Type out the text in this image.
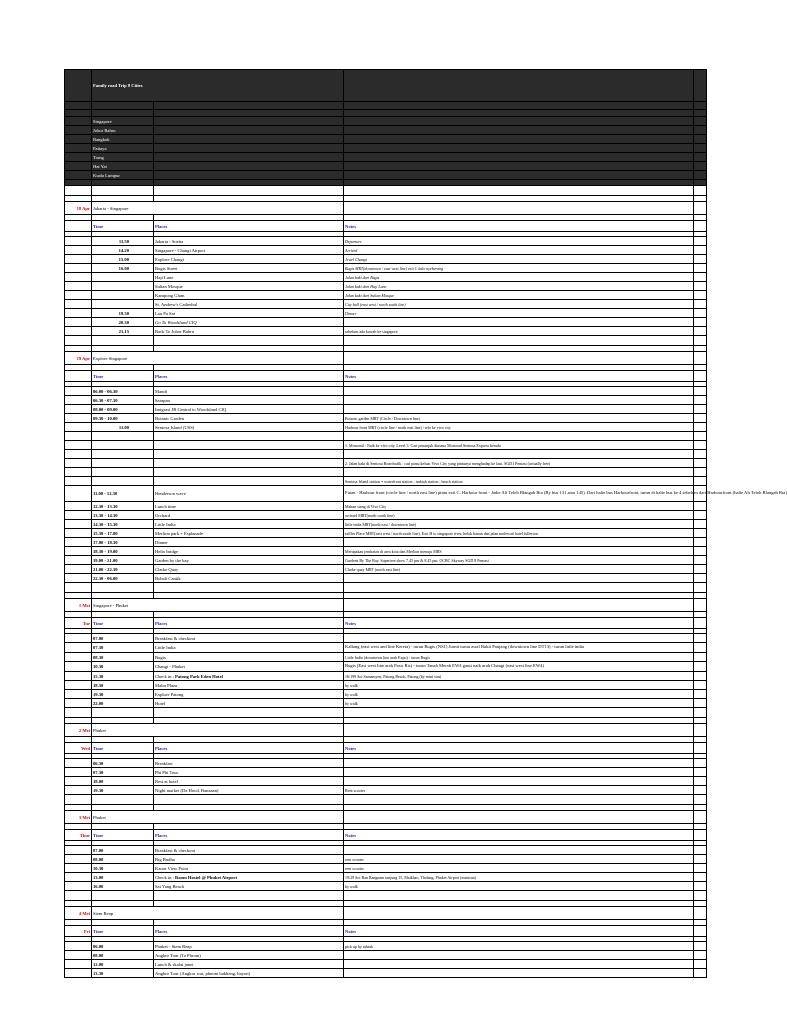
	Family road Trip 8 Cities			

	Singapore			
	Johor Bahru			
	Bangkok			
	Pattaya			
	Trang			
	Hat Yai			
	Kuala Lumpur			

18 Apr	Jakarta - Singapore			

	Time	Places	Notes	

	11.50	Jakarta - Soetta	Departure	
	14.20	Singapore - Changi Airport	Arrived	
	15.00	Explore Changi	Jewel Changi	
	16.00	Bugis Street	Bugis MRT(downtown / east west line) exit C kalo nyeberang	
		Haji Lane	Jalan kaki dari Bugis	
		Sultan Mosque	Jalan kaki dari Haji Lane	
		Kampong Glam	Jalan kaki dari Sultan Mosque	
		St. Andrew's Cathedral	City hall (east west / north south line)	
	19.30	Lau Pa Sat	Dinner	
	20.30	Go To Woodsland CIQ		
	21.15	Back To Johor Bahru	sebelum ada kawah ke singapore	

19 Apr	Explore Singapore			

	Time	Places	Notes	

	06.00 - 06.30	Mandi		
	06.30 - 07.30	Sarapan		
	08.00 - 09.00	Imigrasi JB Central to Woodsland CIQ		
	09.30 - 10.00	Botanic Garden	Botanic garden MRT (Circle / Downtown line)	
	11.00	Sentosa Island (USS)	Harbour front MRT (circle line / north east line) / telo ke vivo city	

			1. Monorail : Naik ke vivo city, Level 3. Cari penunjuk dimana Monorail Sentosa Express berada	

			2. Jalan kaki di Sentosa Boardwalk : cari pintu keluar Vivo City yang pintunya menghadap ke laut. SGD1 Pemasi (actually free)	

			Sentosa Island station = waterfront station ; imbiah station ; beach station	
	11.00 - 12.30	Henderson wave	Futan - Harbour front (circle line / north east line) pintu exit C. Harbour front - Jadie Alt Teloh Blangah Rta (By bus 131 atau 145). Dari halte bus Harbourfront, turun di halte bus ke 4 sebelum dari Harbourfront (halte Alt Teloh Blangah Rta)	
	12.30 - 13.30	Lunch time	Makan siang di Vivo City	
	13.30 - 14.30	Orchard	orchard MRT(north south line)	
	14.30 - 15.30	Little India	little india MRT(north east / downtown line)	
	15.30 - 17.00	Merlion park + Esplanade	raffles Place MRT(east west / north south line). Exit H to singapore river, belok kanan dan jalan melewati hotel fullerton	
	17.00 - 18.30	Dinner		
	18.30 - 19.00	Helix bridge	Merupakan jembatan di area kota dan Merlion menuju MBS	
	19.00 - 21.00	Garden by the bay	Gardens By The Bay. Supertree show 7.45 pm & 8.45 pm. OCBC Skyway SGD 8 Pemasi	
	21.00 - 22.30	Clarke Quay	Clarke quay MRT (north east line)	
	22.30 - 06.00	Bobok Cantik		

1 Mei	Singapore - Phuket			

Tue	Time	Places	Notes	

	07.00	Breakfast & checkout		
	07.30	Little India	Kallang (east west and line Kereta) - turun Bugis (NS1) Jurnit turun awal Bukit Panjang (downtown line DT13) - turun little india	
	08.30	Bugis	Little India (downtown line arah Expo) - turun Bugis	
	10.30	Changi - Phuket	Bugis (East west line arah Pasir Ris) - turun Tanah Merah EW4 ganti naik arah Changi (east west line EW4)	
	15.30	Check in : Patong Park Eden Hotel	16/199 Soi Sainamyen, Patong Beach, Patong (by mini van)	
	18.30	Malin Plaza	by walk	
	19.30	Explore Patong	by walk	
	22.00	Hotel	by walk	

2 Mei	Phuket			

Wed	Time	Places	Notes	

	06.30	Breakfast		
	07.30	Phi Phi Tour		
	18.00	Rest at hotel		
	19.30	Night market (Da Hood, Banzaan)	Rent scooter	

3 Mei	Phuket			

Thur	Time	Places	Notes	

	07.00	Breakfast & checkout		
	08.00	Big Budha	rent scooter	
	10.30	Karon View Point	rent scooter	
	13.00	Check in : Room Hostel @ Phuket Airport	19/29 Soi Ban Bangnam tanjung 15, Maikhao, Thalang, Phuket Airport (minivan)	
	16.00	Sai Yang Beach	by walk	

4 Mei	Siem Reap			

Fri	Time	Places	Notes	

	06.00	Phuket - Siem Reap	pick up by tuktuk	
	08.00	Angkor Tour (Ta Phrom)		
	12.00	Lunch & skalat janet		
	13.30	Angkor Tour (Angkor wat, phnom bakheng, bayon)		
